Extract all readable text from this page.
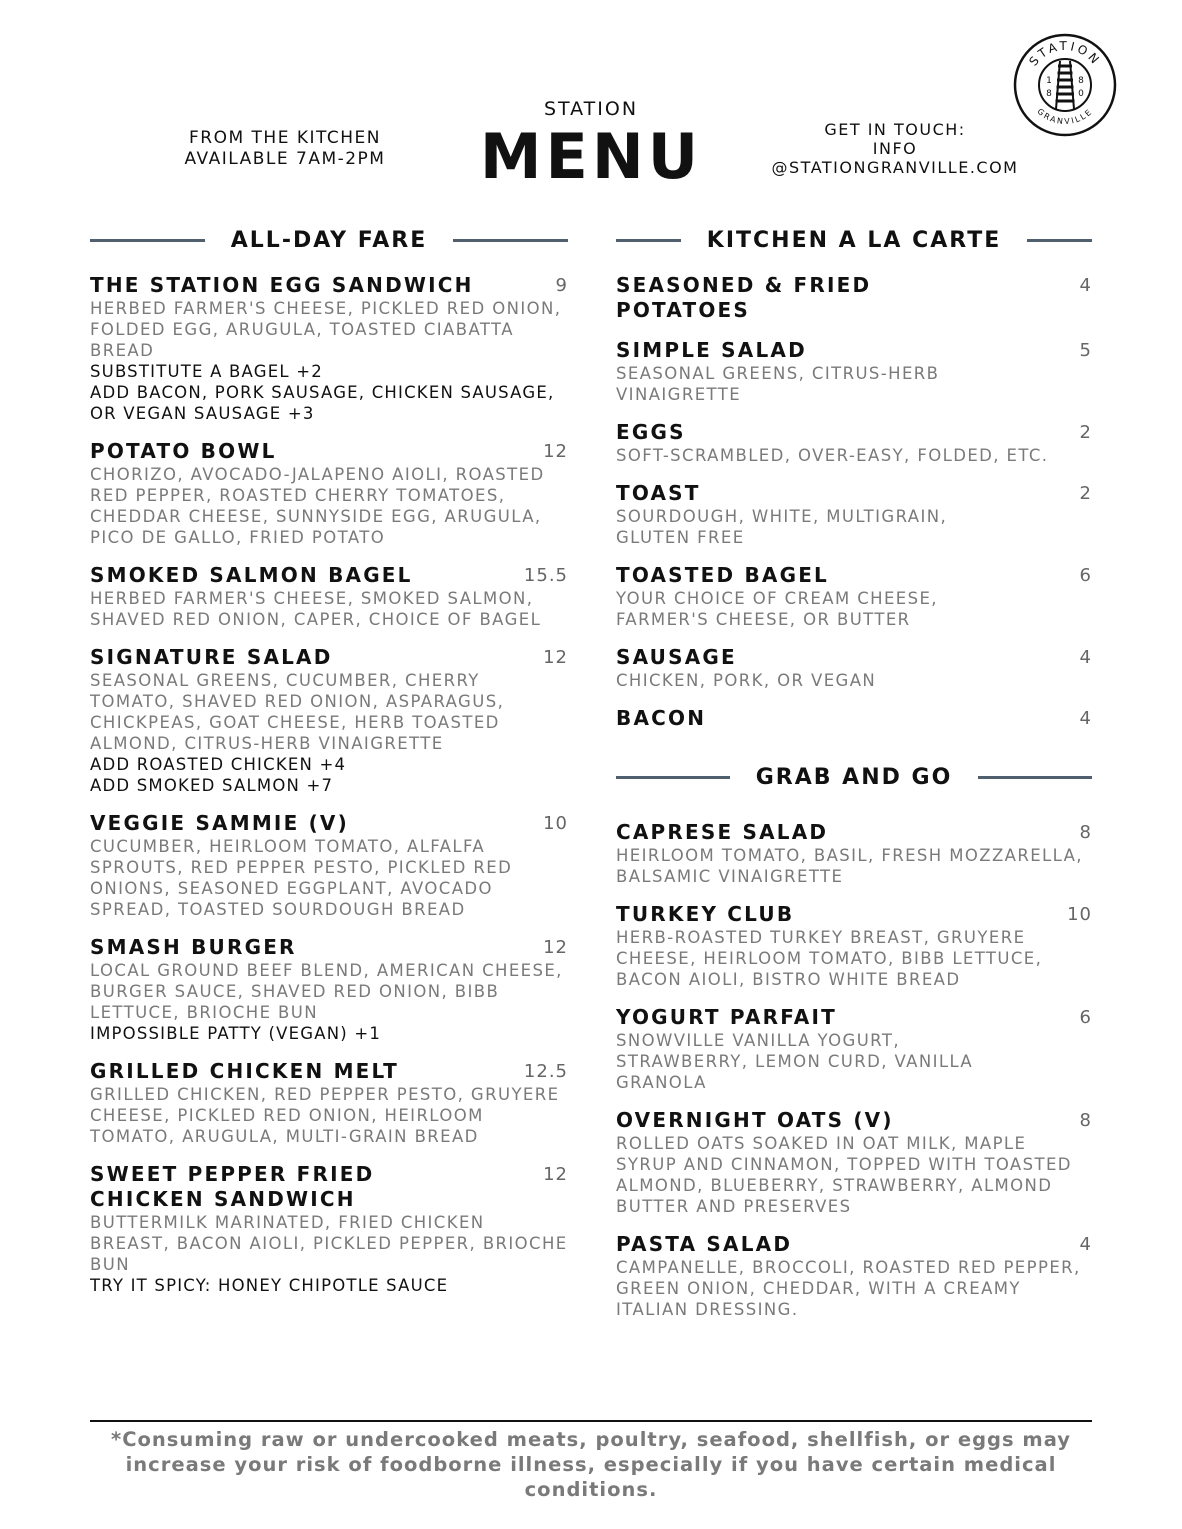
FROM THE KITCHEN
AVAILABLE 7AM-2PM
STATION
MENU	GET IN TOUCH:
INFO
@STATIONGRANVILLE.COM
STATION
GRANVILLE
1
8
8
0
ALL-DAY FARE
THE STATION EGG SANDWICH	9
HERBED FARMER'S CHEESE, PICKLED RED ONION, FOLDED EGG, ARUGULA, TOASTED CIABATTA BREAD
SUBSTITUTE A BAGEL +2
ADD BACON, PORK SAUSAGE, CHICKEN SAUSAGE, OR VEGAN SAUSAGE +3
POTATO BOWL	12
CHORIZO, AVOCADO-JALAPENO AIOLI, ROASTED RED PEPPER, ROASTED CHERRY TOMATOES, CHEDDAR CHEESE, SUNNYSIDE EGG, ARUGULA, PICO DE GALLO, FRIED POTATO
SMOKED SALMON BAGEL	15.5
HERBED FARMER'S CHEESE, SMOKED SALMON, SHAVED RED ONION, CAPER, CHOICE OF BAGEL
SIGNATURE SALAD	12
SEASONAL GREENS, CUCUMBER, CHERRY TOMATO, SHAVED RED ONION, ASPARAGUS, CHICKPEAS, GOAT CHEESE, HERB TOASTED ALMOND, CITRUS-HERB VINAIGRETTE
ADD ROASTED CHICKEN +4
ADD SMOKED SALMON +7
VEGGIE SAMMIE (V)	10
CUCUMBER, HEIRLOOM TOMATO, ALFALFA SPROUTS, RED PEPPER PESTO, PICKLED RED ONIONS, SEASONED EGGPLANT, AVOCADO SPREAD, TOASTED SOURDOUGH BREAD
SMASH BURGER	12
LOCAL GROUND BEEF BLEND, AMERICAN CHEESE, BURGER SAUCE, SHAVED RED ONION, BIBB LETTUCE, BRIOCHE BUN
IMPOSSIBLE PATTY (VEGAN) +1
GRILLED CHICKEN MELT	12.5
GRILLED CHICKEN, RED PEPPER PESTO, GRUYERE CHEESE, PICKLED RED ONION, HEIRLOOM TOMATO, ARUGULA, MULTI-GRAIN BREAD
SWEET PEPPER FRIED CHICKEN SANDWICH
12
BUTTERMILK MARINATED, FRIED CHICKEN BREAST, BACON AIOLI, PICKLED PEPPER, BRIOCHE BUN
TRY IT SPICY: HONEY CHIPOTLE SAUCE
KITCHEN A LA CARTE
SEASONED & FRIED POTATOES
4
SIMPLE SALAD	5
SEASONAL GREENS, CITRUS-HERB VINAIGRETTE
EGGS	2
SOFT-SCRAMBLED, OVER-EASY, FOLDED, ETC.
TOAST	2
SOURDOUGH, WHITE, MULTIGRAIN, GLUTEN FREE
TOASTED BAGEL	6
YOUR CHOICE OF CREAM CHEESE, FARMER'S CHEESE, OR BUTTER
SAUSAGE	4
CHICKEN, PORK, OR VEGAN
BACON	4
GRAB AND GO
CAPRESE SALAD	8
HEIRLOOM TOMATO, BASIL, FRESH MOZZARELLA, BALSAMIC VINAIGRETTE
TURKEY CLUB	10
HERB-ROASTED TURKEY BREAST, GRUYERE CHEESE, HEIRLOOM TOMATO, BIBB LETTUCE, BACON AIOLI, BISTRO WHITE BREAD
YOGURT PARFAIT	6
SNOWVILLE VANILLA YOGURT, STRAWBERRY, LEMON CURD, VANILLA GRANOLA
OVERNIGHT OATS (V)	8
ROLLED OATS SOAKED IN OAT MILK, MAPLE SYRUP AND CINNAMON, TOPPED WITH TOASTED ALMOND, BLUEBERRY, STRAWBERRY, ALMOND BUTTER AND PRESERVES
PASTA SALAD	4
CAMPANELLE, BROCCOLI, ROASTED RED PEPPER, GREEN ONION, CHEDDAR, WITH A CREAMY ITALIAN DRESSING.
*Consuming raw or undercooked meats, poultry, seafood, shellfish, or eggs may increase your risk of foodborne illness, especially if you have certain medical conditions.
